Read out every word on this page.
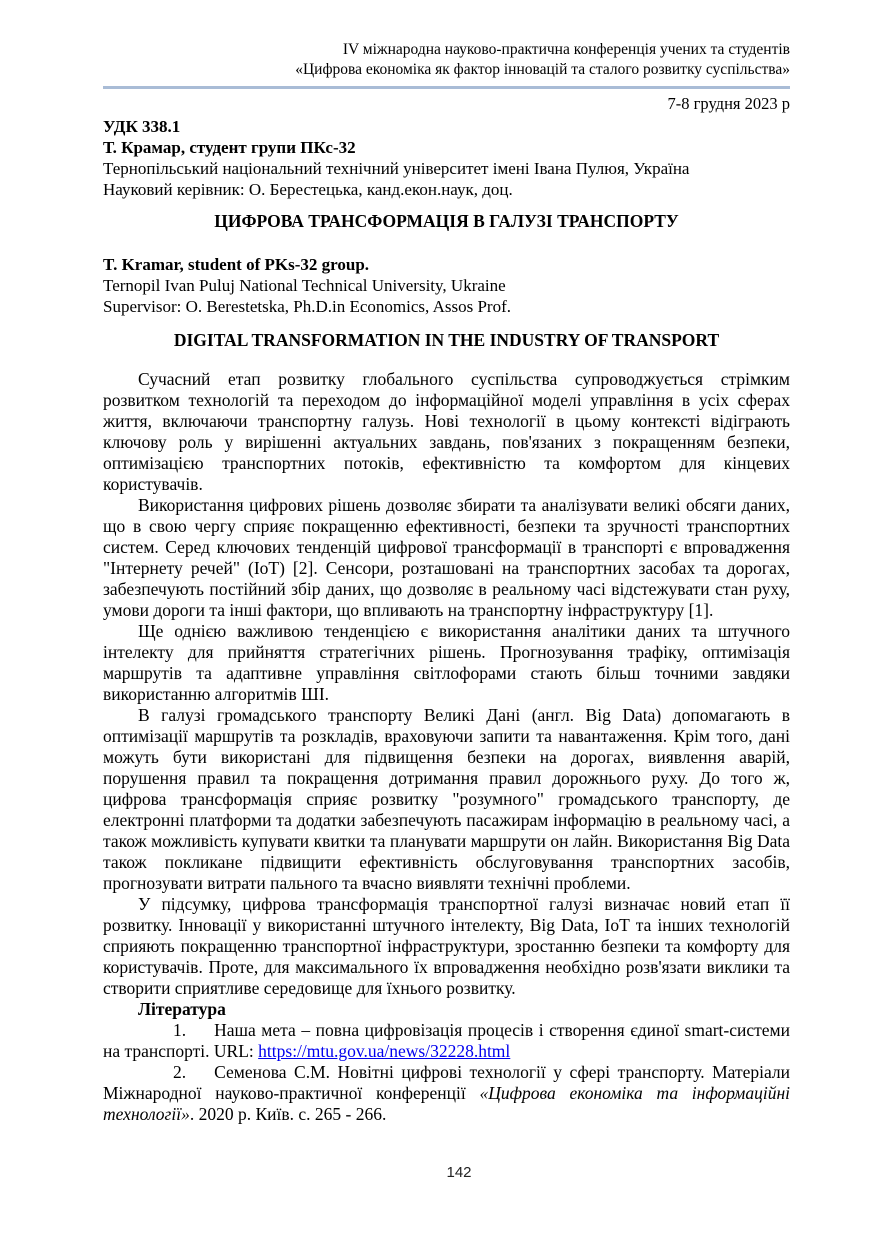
ІV міжнародна науково-практична конференція учених та студентів
«Цифрова економіка як фактор інновацій та сталого розвитку суспільства»
7-8 грудня 2023 р
УДК 338.1
Т. Крамар, студент групи ПКс-32
Тернопільський національний технічний університет імені Івана Пулюя, Україна
Науковий керівник: О. Берестецька, канд.екон.наук, доц.
ЦИФРОВА ТРАНСФОРМАЦІЯ В ГАЛУЗІ ТРАНСПОРТУ
T. Kramar, student of PKs-32 group.
Ternopil Ivan Puluj National Technical University, Ukraine
Supervisor: O. Berestetska, Ph.D.in Economics, Assos Prof.
DIGITAL TRANSFORMATION IN THE INDUSTRY OF TRANSPORT

Сучасний етап розвитку глобального суспільства супроводжується стрімким розвитком технологій та переходом до інформаційної моделі управління в усіх сферах життя, включаючи транспортну галузь. Нові технології в цьому контексті відіграють ключову роль у вирішенні актуальних завдань, пов'язаних з покращенням безпеки, оптимізацією транспортних потоків, ефективністю та комфортом для кінцевих користувачів.

Використання цифрових рішень дозволяє збирати та аналізувати великі обсяги даних, що в свою чергу сприяє покращенню ефективності, безпеки та зручності транспортних систем. Серед ключових тенденцій цифрової трансформації в транспорті є впровадження "Інтернету речей" (ІоТ) [2]. Сенсори, розташовані на транспортних засобах та дорогах, забезпечують постійний збір даних, що дозволяє в реальному часі відстежувати стан руху, умови дороги та інші фактори, що впливають на транспортну інфраструктуру [1].

Ще однією важливою тенденцією є використання аналітики даних та штучного інтелекту для прийняття стратегічних рішень. Прогнозування трафіку, оптимізація маршрутів та адаптивне управління світлофорами стають більш точними завдяки використанню алгоритмів ШІ.

В галузі громадського транспорту Великі Дані (англ. Big Data) допомагають в оптимізації маршрутів та розкладів, враховуючи запити та навантаження. Крім того, дані можуть бути використані для підвищення безпеки на дорогах, виявлення аварій, порушення правил та покращення дотримання правил дорожнього руху. До того ж, цифрова трансформація сприяє розвитку "розумного" громадського транспорту, де електронні платформи та додатки забезпечують пасажирам інформацію в реальному часі, а також можливість купувати квитки та планувати маршрути он лайн. Використання Big Data також покликане підвищити ефективність обслуговування транспортних засобів, прогнозувати витрати пального та вчасно виявляти технічні проблеми.

У підсумку, цифрова трансформація транспортної галузі визначає новий етап її розвитку. Інновації у використанні штучного інтелекту, Big Data, ІоТ та інших технологій сприяють покращенню транспортної інфраструктури, зростанню безпеки та комфорту для користувачів. Проте, для максимального їх впровадження необхідно розв'язати виклики та створити сприятливе середовище для їхнього розвитку.

Література

1. Наша мета – повна цифровізація процесів і створення єдиної smart-системи на транспорті. URL: https://mtu.gov.ua/news/32228.html

2. Семенова С.М. Новітні цифрові технології у сфері транспорту. Матеріали Міжнародної науково-практичної конференції «Цифрова економіка та інформаційні технології». 2020 р. Київ. с. 265 - 266.

142
